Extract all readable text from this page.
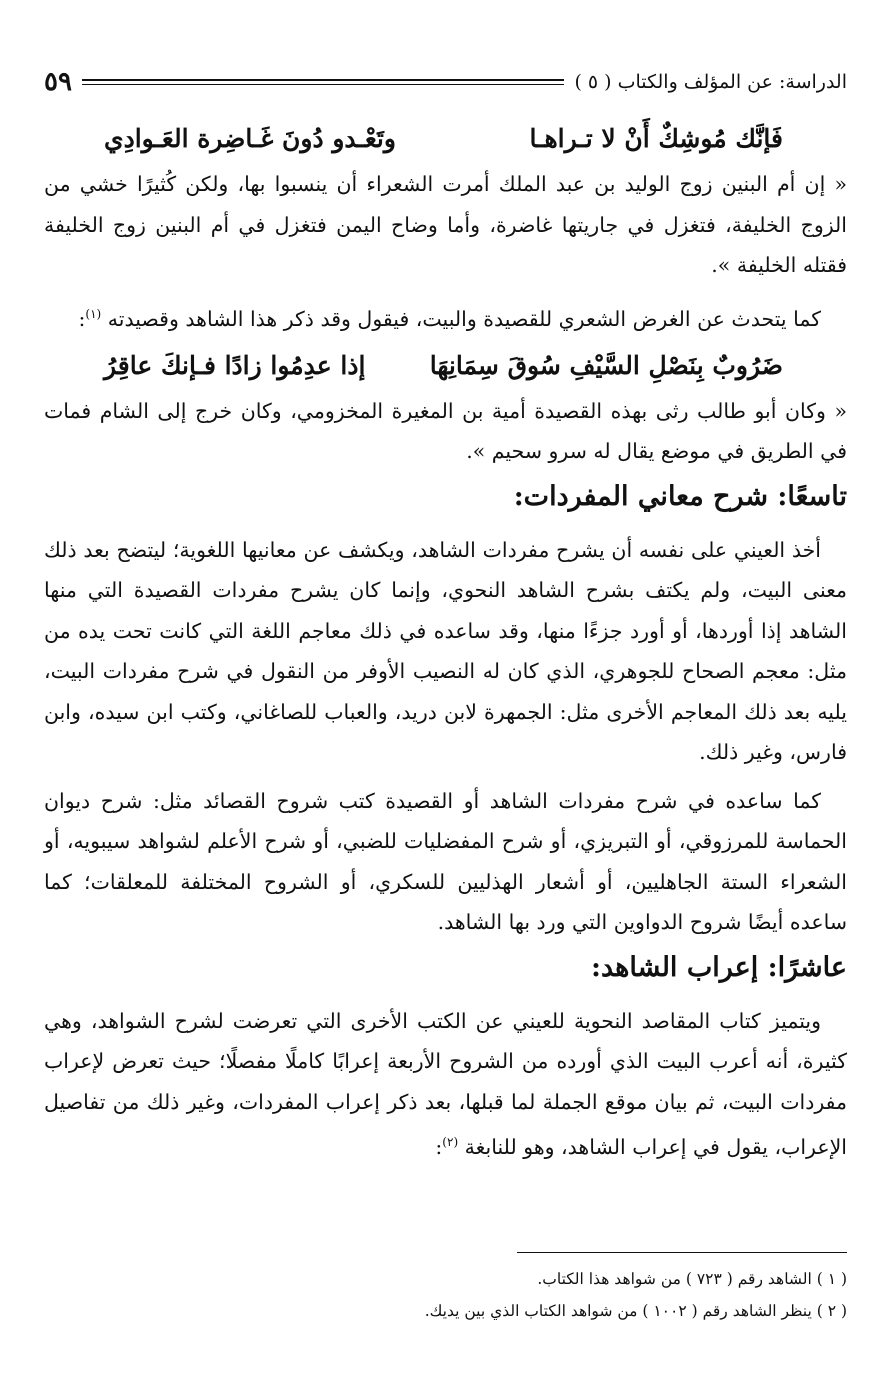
الدراسة: عن المؤلف والكتاب ( ٥ )
٥٩
فَإنَّك مُوشِكٌ أَنْ لا تـراهـا
وتَعْـدو دُونَ غَـاضِرة العَـوادِي

« إن أم البنين زوج الوليد بن عبد الملك أمرت الشعراء أن ينسبوا بها، ولكن كُثيرًا خشي من الزوج الخليفة، فتغزل في جاريتها غاضرة، وأما وضاح اليمن فتغزل في أم البنين زوج الخليفة فقتله الخليفة ».

كما يتحدث عن الغرض الشعري للقصيدة والبيت، فيقول وقد ذكر هذا الشاهد وقصيدته $^{(١)}$:

ضَرُوبٌ بِنَصْلِ السَّيْفِ سُوقَ سِمَانِهَا
إذا عدِمُوا زادًا فـإنكَ عاقِرُ

« وكان أبو طالب رثى بهذه القصيدة أمية بن المغيرة المخزومي، وكان خرج إلى الشام فمات في الطريق في موضع يقال له سرو سحيم ».

تاسعًا: شرح معاني المفردات:

أخذ العيني على نفسه أن يشرح مفردات الشاهد، ويكشف عن معانيها اللغوية؛ ليتضح بعد ذلك معنى البيت، ولم يكتف بشرح الشاهد النحوي، وإنما كان يشرح مفردات القصيدة التي منها الشاهد إذا أوردها، أو أورد جزءًا منها، وقد ساعده في ذلك معاجم اللغة التي كانت تحت يده من مثل: معجم الصحاح للجوهري، الذي كان له النصيب الأوفر من النقول في شرح مفردات البيت، يليه بعد ذلك المعاجم الأخرى مثل: الجمهرة لابن دريد، والعباب للصاغاني، وكتب ابن سيده، وابن فارس، وغير ذلك.

كما ساعده في شرح مفردات الشاهد أو القصيدة كتب شروح القصائد مثل: شرح ديوان الحماسة للمرزوقي، أو التبريزي، أو شرح المفضليات للضبي، أو شرح الأعلم لشواهد سيبويه، أو الشعراء الستة الجاهليين، أو أشعار الهذليين للسكري، أو الشروح المختلفة للمعلقات؛ كما ساعده أيضًا شروح الدواوين التي ورد بها الشاهد.

عاشرًا: إعراب الشاهد:

ويتميز كتاب المقاصد النحوية للعيني عن الكتب الأخرى التي تعرضت لشرح الشواهد، وهي كثيرة، أنه أعرب البيت الذي أورده من الشروح الأربعة إعرابًا كاملًا مفصلًا؛ حيث تعرض لإعراب مفردات البيت، ثم بيان موقع الجملة لما قبلها، بعد ذكر إعراب المفردات، وغير ذلك من تفاصيل الإعراب، يقول في إعراب الشاهد، وهو للنابغة $^{(٢)}$:

( ١ ) الشاهد رقم ( ٧٢٣ ) من شواهد هذا الكتاب.

( ٢ ) ينظر الشاهد رقم ( ١٠٠٢ ) من شواهد الكتاب الذي بين يديك.
